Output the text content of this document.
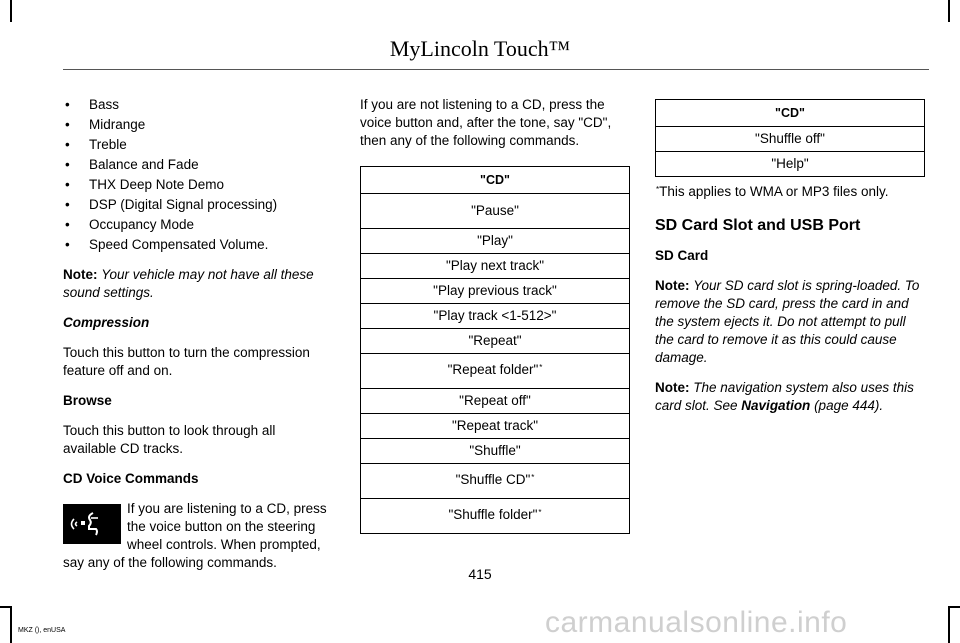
MyLincoln Touch™
• Bass
• Midrange
• Treble
• Balance and Fade
• THX Deep Note Demo
• DSP (Digital Signal processing)
• Occupancy Mode
• Speed Compensated Volume.

Note: Your vehicle may not have all these sound settings.

Compression

Touch this button to turn the compression feature off and on.

Browse

Touch this button to look through all available CD tracks.

CD Voice Commands

If you are listening to a CD, press the voice button on the steering wheel controls. When prompted, say any of the following commands.

If you are not listening to a CD, press the voice button and, after the tone, say "CD", then any of the following commands.

"CD"
"Pause"
"Play"
"Play next track"
"Play previous track"
"Play track <1-512>"
"Repeat"
"Repeat folder"*
"Repeat off"
"Repeat track"
"Shuffle"
"Shuffle CD"*
"Shuffle folder"*
"CD"
"Shuffle off"
"Help"

*This applies to WMA or MP3 files only.

SD Card Slot and USB Port

SD Card

Note: Your SD card slot is spring-loaded. To remove the SD card, press the card in and the system ejects it. Do not attempt to pull the card to remove it as this could cause damage.

Note: The navigation system also uses this card slot. See Navigation (page 444).

415
MKZ (), enUSA	carmanualsonline.info
